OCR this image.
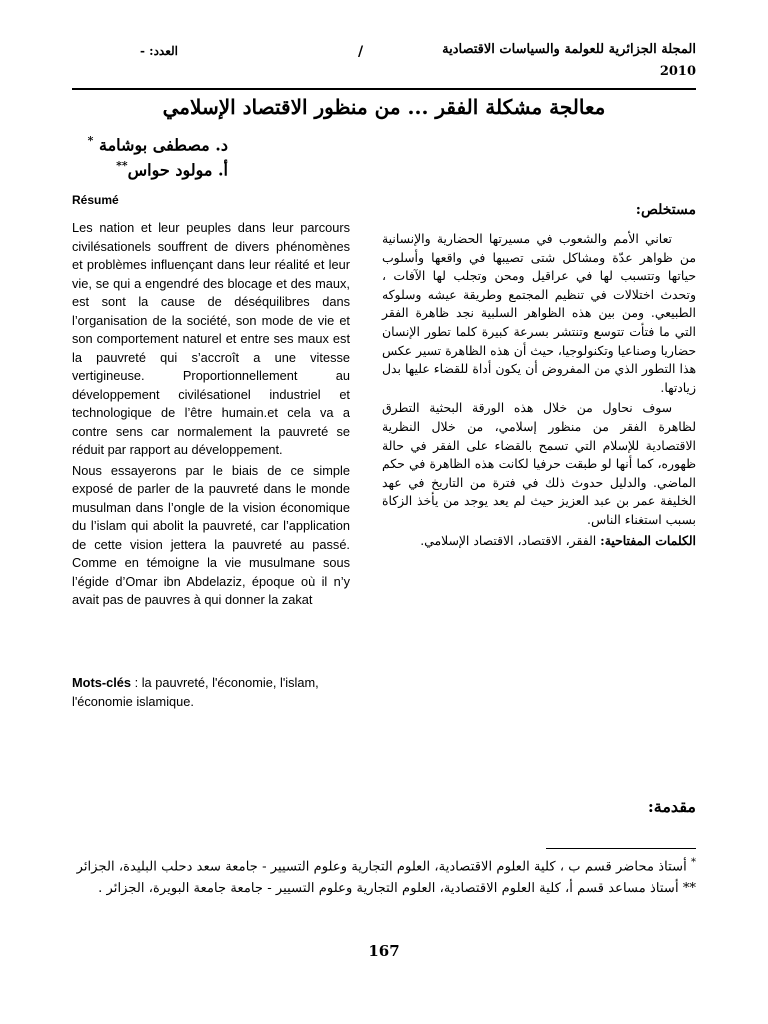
المجلة الجزائرية للعولمة والسياسات الاقتصادية
2010
/
العدد: -
معالجة مشكلة الفقر ... من منظور الاقتصاد الإسلامي
د. مصطفى بوشامة *
أ. مولود حواس**
Résumé

Les nation et leur peuples dans leur parcours civilésationels souffrent de divers phénomènes et problèmes influençant dans leur réalité et leur vie, se qui a engendré des blocage et des maux, est sont la cause de déséquilibres dans l’organisation de la société, son mode de vie et son comportement naturel et entre ses maux est la pauvreté qui s’accroît a une vitesse vertigineuse. Proportionnellement au développement civilésationel industriel et technologique de l’être humain.et cela va a contre sens car normalement la pauvreté se réduit par rapport au développement.

Nous essayerons par le biais de ce simple exposé de parler de la pauvreté dans le monde musulman dans l’ongle de la vision économique du l’islam qui abolit la pauvreté, car l’application de cette vision jettera la pauvreté au passé. Comme en témoigne la vie musulmane sous l’égide d’Omar ibn Abdelaziz, époque où il n’y avait pas de pauvres à qui donner la zakat

Mots-clés : la pauvreté, l'économie, l'islam, l'économie islamique.
مستخلص:

تعاني الأمم والشعوب في مسيرتها الحضارية والإنسانية من ظواهر عدّة ومشاكل شتى تصيبها في واقعها وأسلوب حياتها وتتسبب لها في عراقيل ومحن وتجلب لها الآفات ، وتحدث اختلالات في تنظيم المجتمع وطريقة عيشه وسلوكه الطبيعي. ومن بين هذه الظواهر السلبية نجد ظاهرة الفقر التي ما فتأت تتوسع وتنتشر بسرعة كبيرة كلما تطور الإنسان حضاريا وصناعيا وتكنولوجيا، حيث أن هذه الظاهرة تسير عكس هذا التطور الذي من المفروض أن يكون أداة للقضاء عليها بدل زيادتها.

سوف نحاول من خلال هذه الورقة البحثية التطرق لظاهرة الفقر من منظور إسلامي، من خلال النظرية الاقتصادية للإسلام التي تسمح بالقضاء على الفقر في حالة ظهوره، كما أنها لو طبقت حرفيا لكانت هذه الظاهرة في حكم الماضي. والدليل حدوث ذلك في فترة من التاريخ في عهد الخليفة عمر بن عبد العزيز حيث لم يعد يوجد من يأخذ الزكاة بسبب استغناء الناس.

الكلمات المفتاحية: الفقر، الاقتصاد، الاقتصاد الإسلامي.
مقدمة:

* أستاذ محاضر قسم ب ، كلية العلوم الاقتصادية، العلوم التجارية وعلوم التسيير - جامعة سعد دحلب البليدة، الجزائر

** أستاذ مساعد قسم أ، كلية العلوم الاقتصادية، العلوم التجارية وعلوم التسيير - جامعة جامعة البويرة، الجزائر .

167
